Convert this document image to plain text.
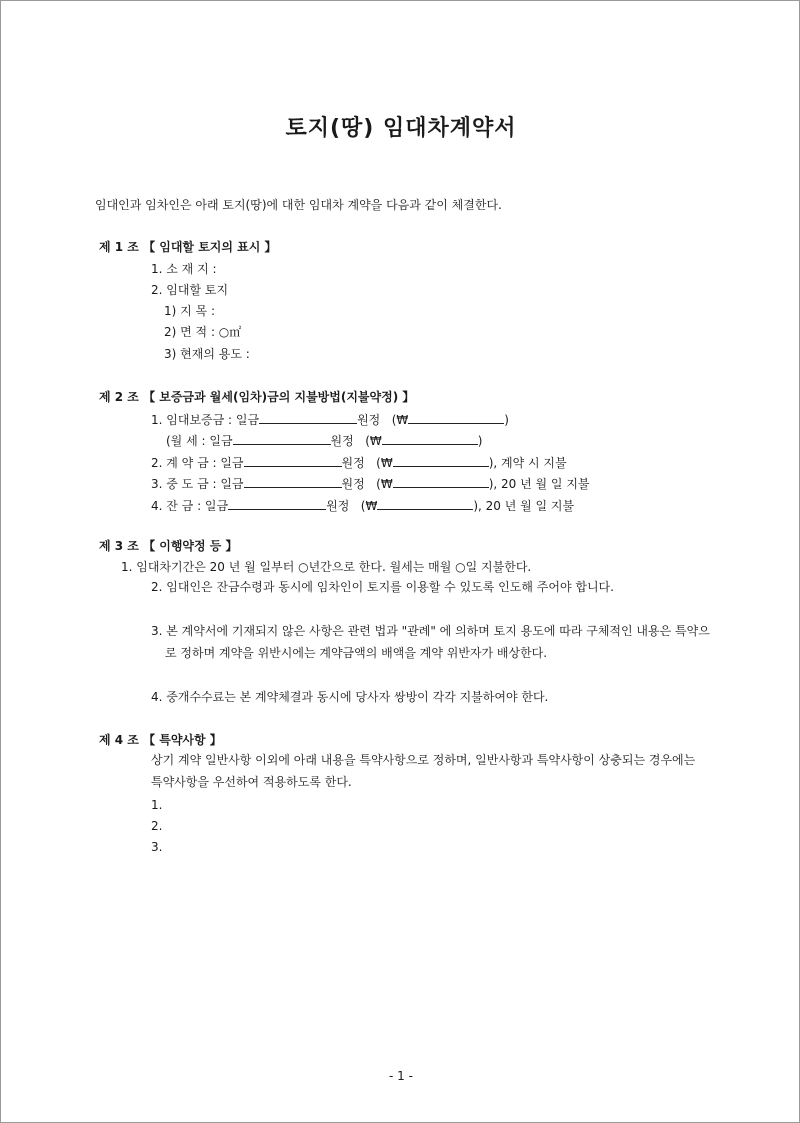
토지(땅) 임대차계약서
임대인과 임차인은 아래 토지(땅)에 대한 임대차 계약을 다음과 같이 체결한다.
제 1 조 【 임대할 토지의 표시 】
1. 소 재 지 :
2. 임대할 토지
1) 지 목 :
2) 면 적 : ○㎡
3) 현재의 용도 :
제 2 조 【 보증금과 월세(임차)금의 지불방법(지불약정) 】
1. 임대보증금 : 일금	원정 (₩	)
(월 세 : 일금	원정 (₩	)
2. 계 약 금 : 일금	원정 (₩	), 계약 시 지불
3. 중 도 금 : 일금	원정 (₩	), 20 년 월 일 지불
4. 잔 금 : 일금	원정 (₩	), 20 년 월 일 지불
제 3 조 【 이행약정 등 】
1. 임대차기간은 20 년 월 일부터 ○년간으로 한다. 월세는 매월 ○일 지불한다.
2. 임대인은 잔금수령과 동시에 임차인이 토지를 이용할 수 있도록 인도해 주어야 합니다.
3. 본 계약서에 기재되지 않은 사항은 관련 법과 "관례" 에 의하며 토지 용도에 따라 구체적인 내용은 특약으로 정하며 계약을 위반시에는 계약금액의 배액을 계약 위반자가 배상한다.
4. 중개수수료는 본 계약체결과 동시에 당사자 쌍방이 각각 지불하여야 한다.
제 4 조 【 특약사항 】
상기 계약 일반사항 이외에 아래 내용을 특약사항으로 정하며, 일반사항과 특약사항이 상충되는 경우에는 특약사항을 우선하여 적용하도록 한다.
1.
2.
3.
- 1 -
